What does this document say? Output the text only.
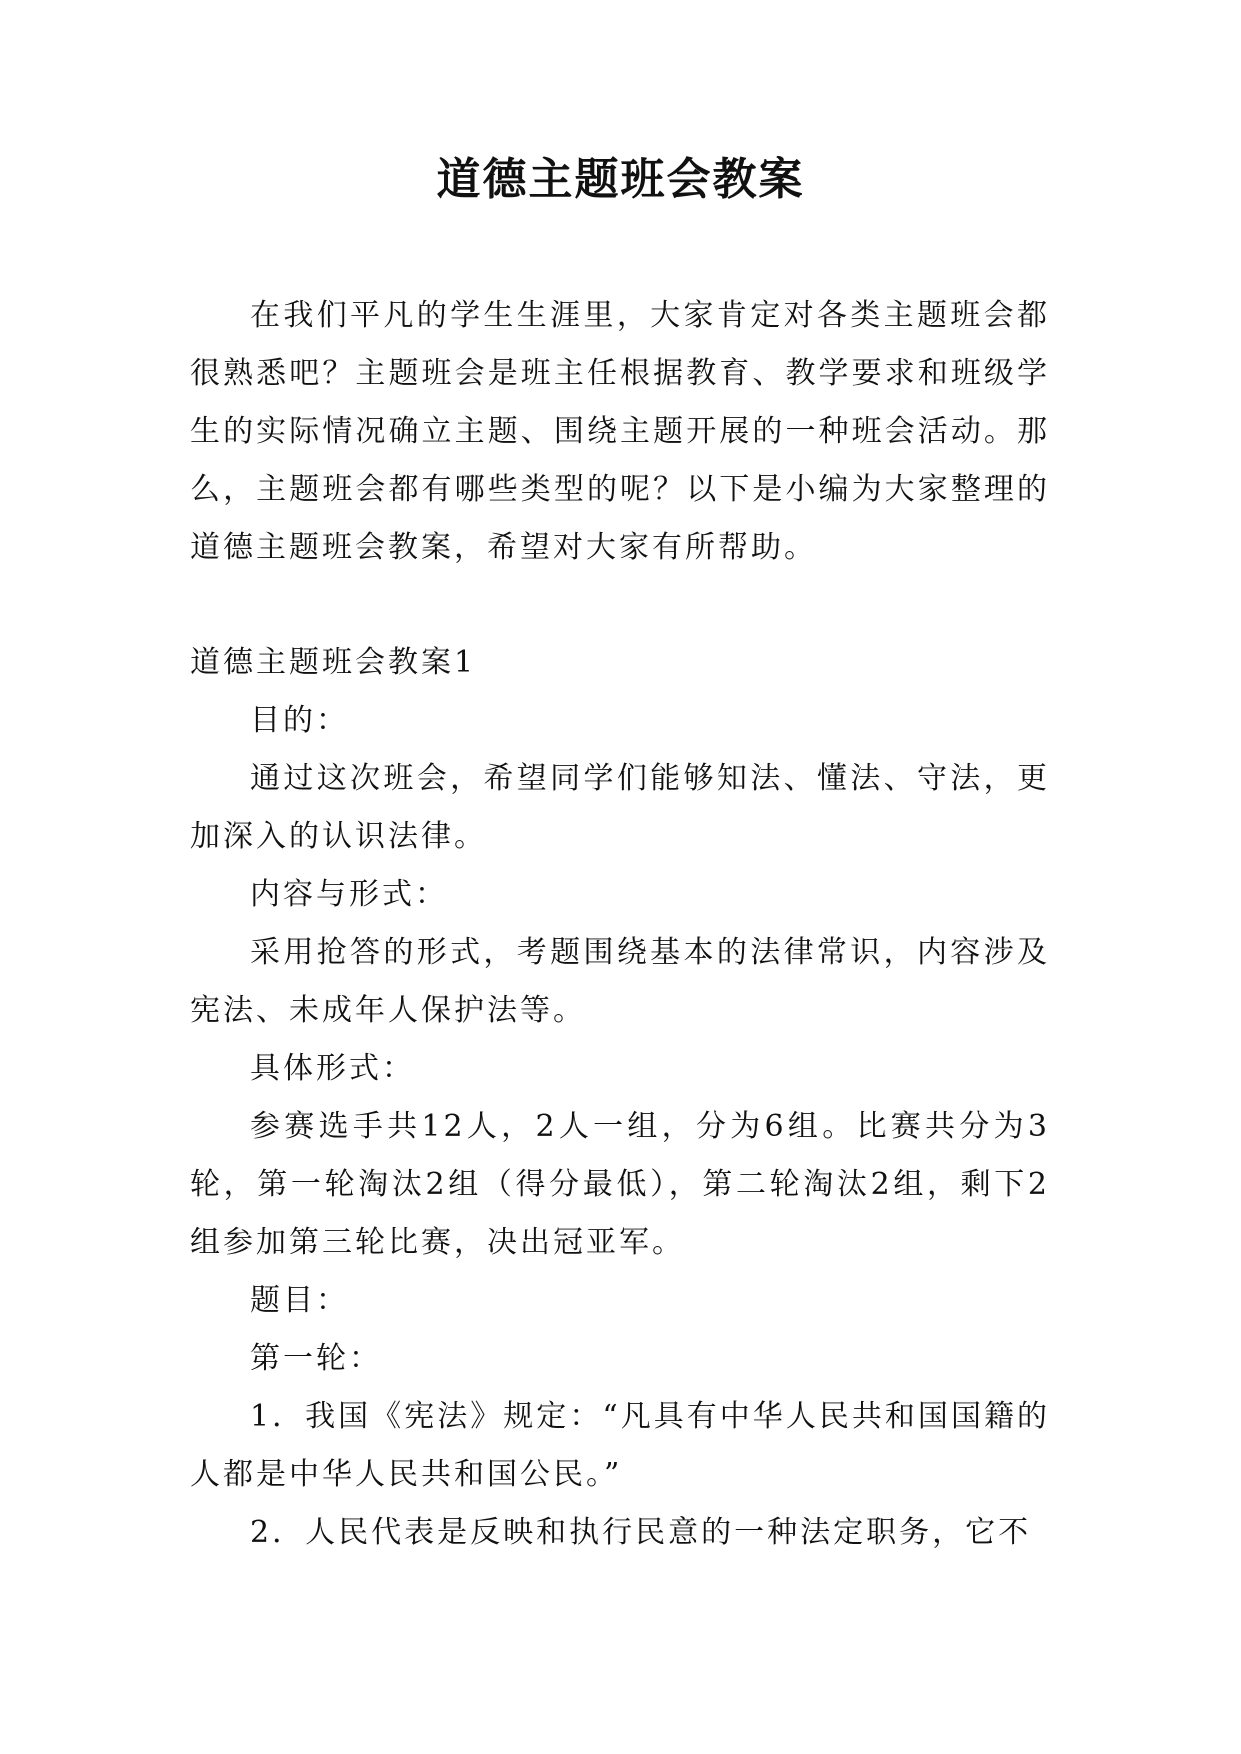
道德主题班会教案

在我们平凡的学生生涯里，大家肯定对各类主题班会都很熟悉吧？主题班会是班主任根据教育、教学要求和班级学生的实际情况确立主题、围绕主题开展的一种班会活动。那么，主题班会都有哪些类型的呢？以下是小编为大家整理的道德主题班会教案，希望对大家有所帮助。

道德主题班会教案1

目的：

通过这次班会，希望同学们能够知法、懂法、守法，更加深入的认识法律。

内容与形式：

采用抢答的形式，考题围绕基本的法律常识，内容涉及宪法、未成年人保护法等。

具体形式：

参赛选手共12人，2人一组，分为6组。比赛共分为3轮，第一轮淘汰2组（得分最低），第二轮淘汰2组，剩下2组参加第三轮比赛，决出冠亚军。

题目：

第一轮：

1．我国《宪法》规定：“凡具有中华人民共和国国籍的人都是中华人民共和国公民。”

2．人民代表是反映和执行民意的一种法定职务，它不
